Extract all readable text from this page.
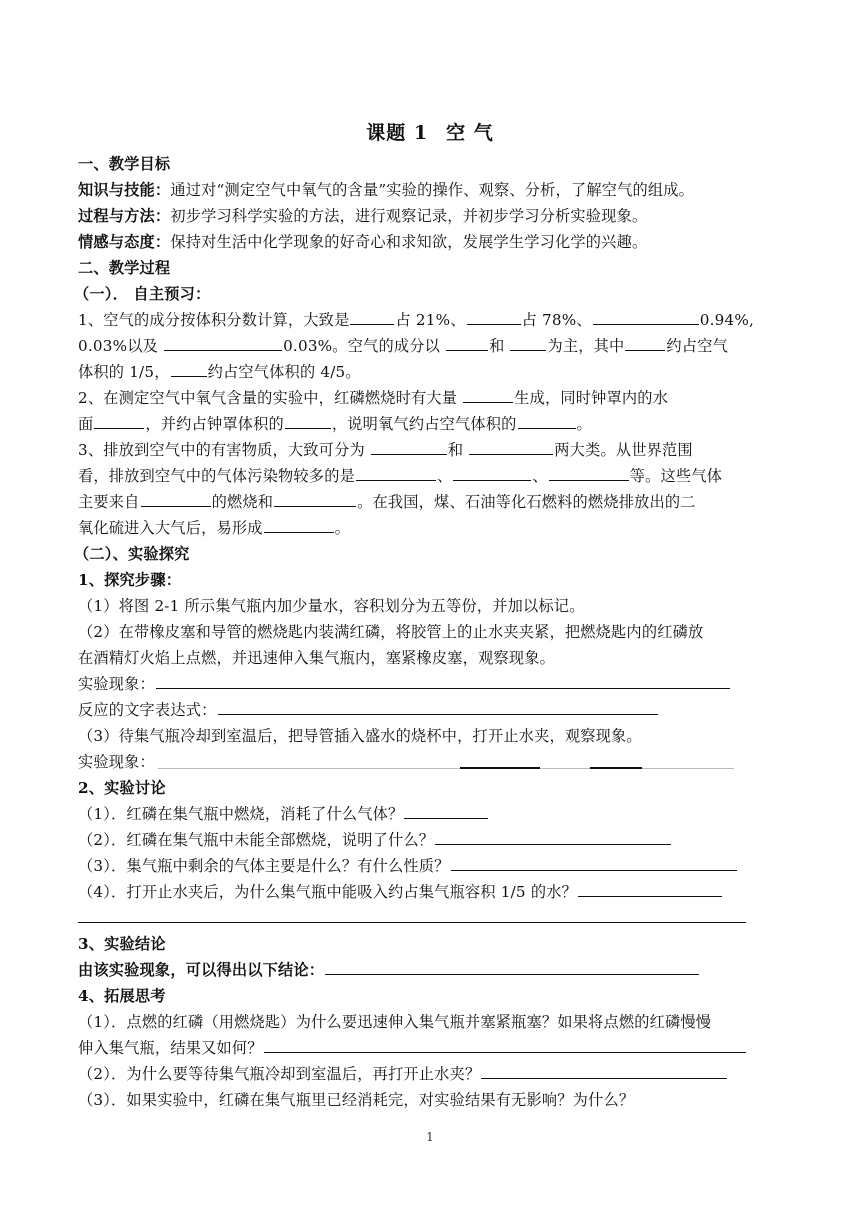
课题 1 空 气
一、教学目标
知识与技能：通过对“测定空气中氧气的含量”实验的操作、观察、分析，了解空气的组成。
过程与方法：初步学习科学实验的方法，进行观察记录，并初步学习分析实验现象。
情感与态度：保持对生活中化学现象的好奇心和求知欲，发展学生学习化学的兴趣。
二、教学过程
（一）． 自主预习：
1、空气的成分按体积分数计算，大致是	占 21%、	占 78%、	0.94%,
0.03%以及	0.03%。空气的成分以	和	为主，其中	约占空气
体积的 1/5，	约占空气体积的 4/5。
2、在测定空气中氧气含量的实验中，红磷燃烧时有大量	生成，同时钟罩内的水
面	，并约占钟罩体积的	，说明氧气约占空气体积的	。
3、排放到空气中的有害物质，大致可分为	和	两大类。从世界范围
看，排放到空气中的气体污染物较多的是	、	、	等。这些气体
主要来自	的燃烧和	。在我国，煤、石油等化石燃料的燃烧排放出的二
氧化硫进入大气后，易形成	。
（二）、实验探究
1、探究步骤：
（1）将图 2-1 所示集气瓶内加少量水，容积划分为五等份，并加以标记。
（2）在带橡皮塞和导管的燃烧匙内装满红磷，将胶管上的止水夹夹紧，把燃烧匙内的红磷放
在酒精灯火焰上点燃，并迅速伸入集气瓶内，塞紧橡皮塞，观察现象。
实验现象：
反应的文字表达式：
（3）待集气瓶冷却到室温后，把导管插入盛水的烧杯中，打开止水夹，观察现象。
实验现象：
2、实验讨论
（1）．红磷在集气瓶中燃烧，消耗了什么气体？
（2）．红磷在集气瓶中未能全部燃烧，说明了什么？
（3）．集气瓶中剩余的气体主要是什么？有什么性质？
（4）．打开止水夹后，为什么集气瓶中能吸入约占集气瓶容积 1/5 的水？
3、实验结论
由该实验现象，可以得出以下结论：
4、拓展思考
（1）．点燃的红磷（用燃烧匙）为什么要迅速伸入集气瓶并塞紧瓶塞？如果将点燃的红磷慢慢
伸入集气瓶，结果又如何？
（2）．为什么要等待集气瓶冷却到室温后，再打开止水夹？
（3）．如果实验中，红磷在集气瓶里已经消耗完，对实验结果有无影响？为什么？
1
